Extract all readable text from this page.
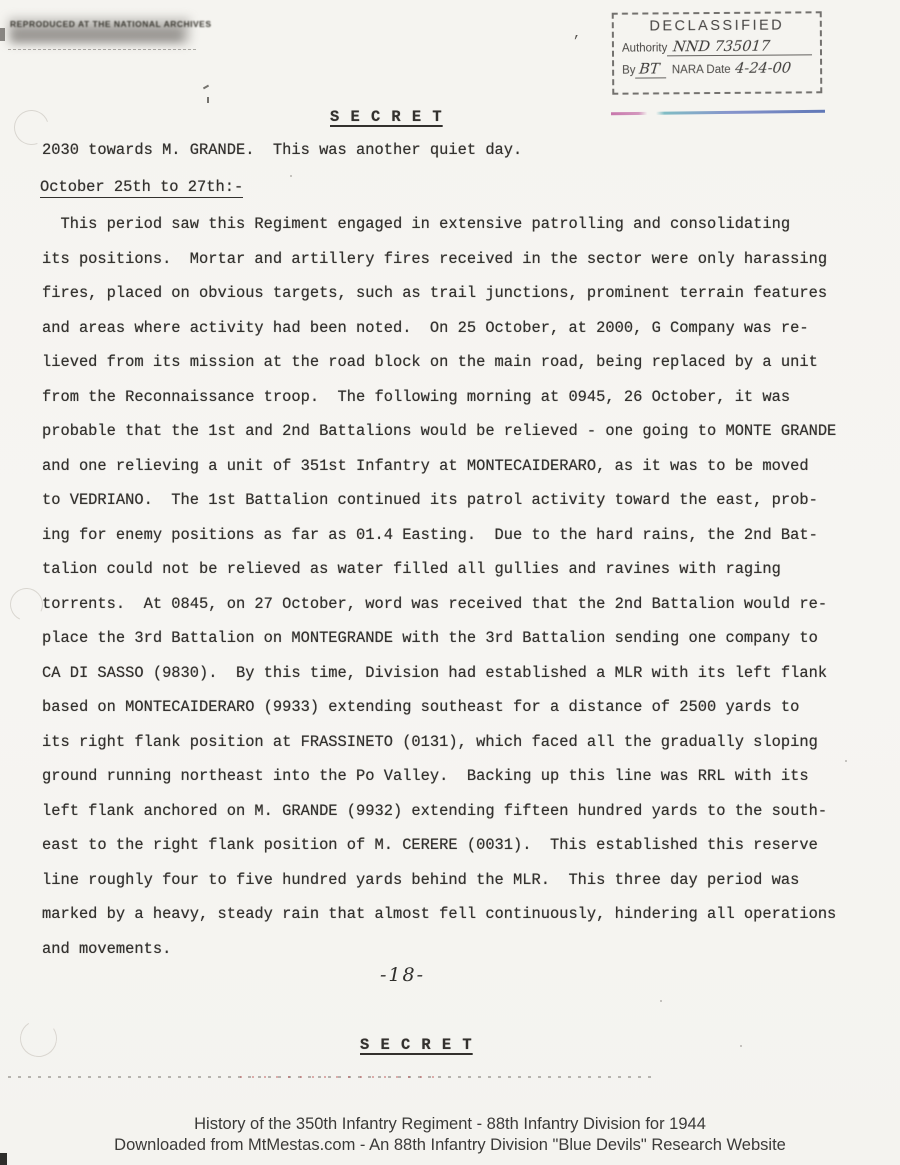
REPRODUCED AT THE NATIONAL ARCHIVES	DECLASSIFIED
Authority NND 735017
By BT NARA Date 4-24-00
’
S E C R E T
2030 towards M. GRANDE.  This was another quiet day.
October 25th to 27th:-
This period saw this Regiment engaged in extensive patrolling and consolidating
its positions.  Mortar and artillery fires received in the sector were only harassing
fires, placed on obvious targets, such as trail junctions, prominent terrain features
and areas where activity had been noted.  On 25 October, at 2000, G Company was re-
lieved from its mission at the road block on the main road, being replaced by a unit
from the Reconnaissance troop.  The following morning at 0945, 26 October, it was
probable that the 1st and 2nd Battalions would be relieved - one going to MONTE GRANDE
and one relieving a unit of 351st Infantry at MONTECAIDERARO, as it was to be moved
to VEDRIANO.  The 1st Battalion continued its patrol activity toward the east, prob-
ing for enemy positions as far as 01.4 Easting.  Due to the hard rains, the 2nd Bat-
talion could not be relieved as water filled all gullies and ravines with raging
torrents.  At 0845, on 27 October, word was received that the 2nd Battalion would re-
place the 3rd Battalion on MONTEGRANDE with the 3rd Battalion sending one company to
CA DI SASSO (9830).  By this time, Division had established a MLR with its left flank
based on MONTECAIDERARO (9933) extending southeast for a distance of 2500 yards to
its right flank position at FRASSINETO (0131), which faced all the gradually sloping
ground running northeast into the Po Valley.  Backing up this line was RRL with its
left flank anchored on M. GRANDE (9932) extending fifteen hundred yards to the south-
east to the right flank position of M. CERERE (0031).  This established this reserve
line roughly four to five hundred yards behind the MLR.  This three day period was
marked by a heavy, steady rain that almost fell continuously, hindering all operations
and movements.
-18-
S E C R E T
History of the 350th Infantry Regiment - 88th Infantry Division for 1944
Downloaded from MtMestas.com - An 88th Infantry Division "Blue Devils" Research Website
